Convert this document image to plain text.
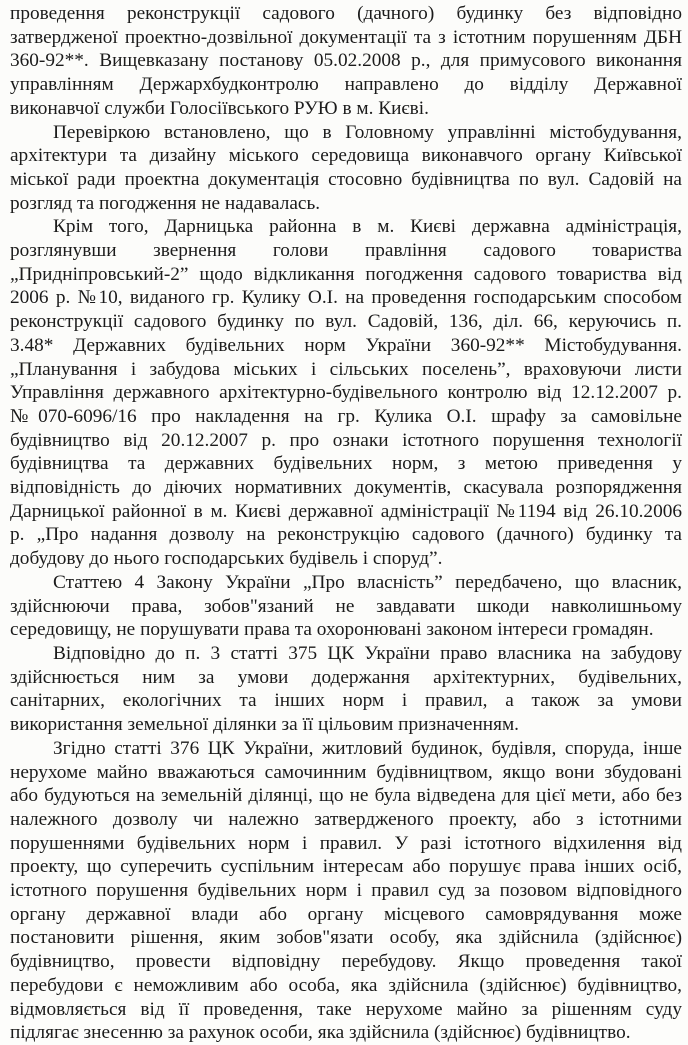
проведення реконструкції садового (дачного) будинку без відповідно
затвердженої проектно-дозвільної документації та з істотним порушенням ДБН
360-92**. Вищевказану постанову 05.02.2008 р., для примусового виконання
управлінням Держархбудконтролю направлено до відділу Державної
виконавчої служби Голосіївського РУЮ в м. Києві.
Перевіркою встановлено, що в Головному управлінні містобудування,
архітектури та дизайну міського середовища виконавчого органу Київської
міської ради проектна документація стосовно будівництва по вул. Садовій на
розгляд та погодження не надавалась.
Крім того, Дарницька районна в м. Києві державна адміністрація,
розглянувши звернення голови правління садового товариства
„Придніпровський-2” щодо відкликання погодження садового товариства від
2006 р. №10, виданого гр. Кулику О.І. на проведення господарським способом
реконструкції садового будинку по вул. Садовій, 136, діл. 66, керуючись п.
3.48* Державних будівельних норм України 360-92** Містобудування.
„Планування і забудова міських і сільських поселень”, враховуючи листи
Управління державного архітектурно-будівельного контролю від 12.12.2007 р.
№070-6096/16 про накладення на гр. Кулика О.І. шрафу за самовільне
будівництво від 20.12.2007 р. про ознаки істотного порушення технології
будівництва та державних будівельних норм, з метою приведення у
відповідність до діючих нормативних документів, скасувала розпорядження
Дарницької районної в м. Києві державної адміністрації №1194 від 26.10.2006
р. „Про надання дозволу на реконструкцію садового (дачного) будинку та
добудову до нього господарських будівель і споруд”.
Статтею 4 Закону України „Про власність” передбачено, що власник,
здійснюючи права, зобов"язаний не завдавати шкоди навколишньому
середовищу, не порушувати права та охоронювані законом інтереси громадян.
Відповідно до п. 3 статті 375 ЦК України право власника на забудову
здійснюється ним за умови додержання архітектурних, будівельних,
санітарних, екологічних та інших норм і правил, а також за умови
використання земельної ділянки за її цільовим призначенням.
Згідно статті 376 ЦК України, житловий будинок, будівля, споруда, інше
нерухоме майно вважаються самочинним будівництвом, якщо вони збудовані
або будуються на земельній ділянці, що не була відведена для цієї мети, або без
належного дозволу чи належно затвердженого проекту, або з істотними
порушеннями будівельних норм і правил. У разі істотного відхилення від
проекту, що суперечить суспільним інтересам або порушує права інших осіб,
істотного порушення будівельних норм і правил суд за позовом відповідного
органу державної влади або органу місцевого самоврядування може
постановити рішення, яким зобов"язати особу, яка здійснила (здійснює)
будівництво, провести відповідну перебудову. Якщо проведення такої
перебудови є неможливим або особа, яка здійснила (здійснює) будівництво,
відмовляється від її проведення, таке нерухоме майно за рішенням суду
підлягає знесенню за рахунок особи, яка здійснила (здійснює) будівництво.
